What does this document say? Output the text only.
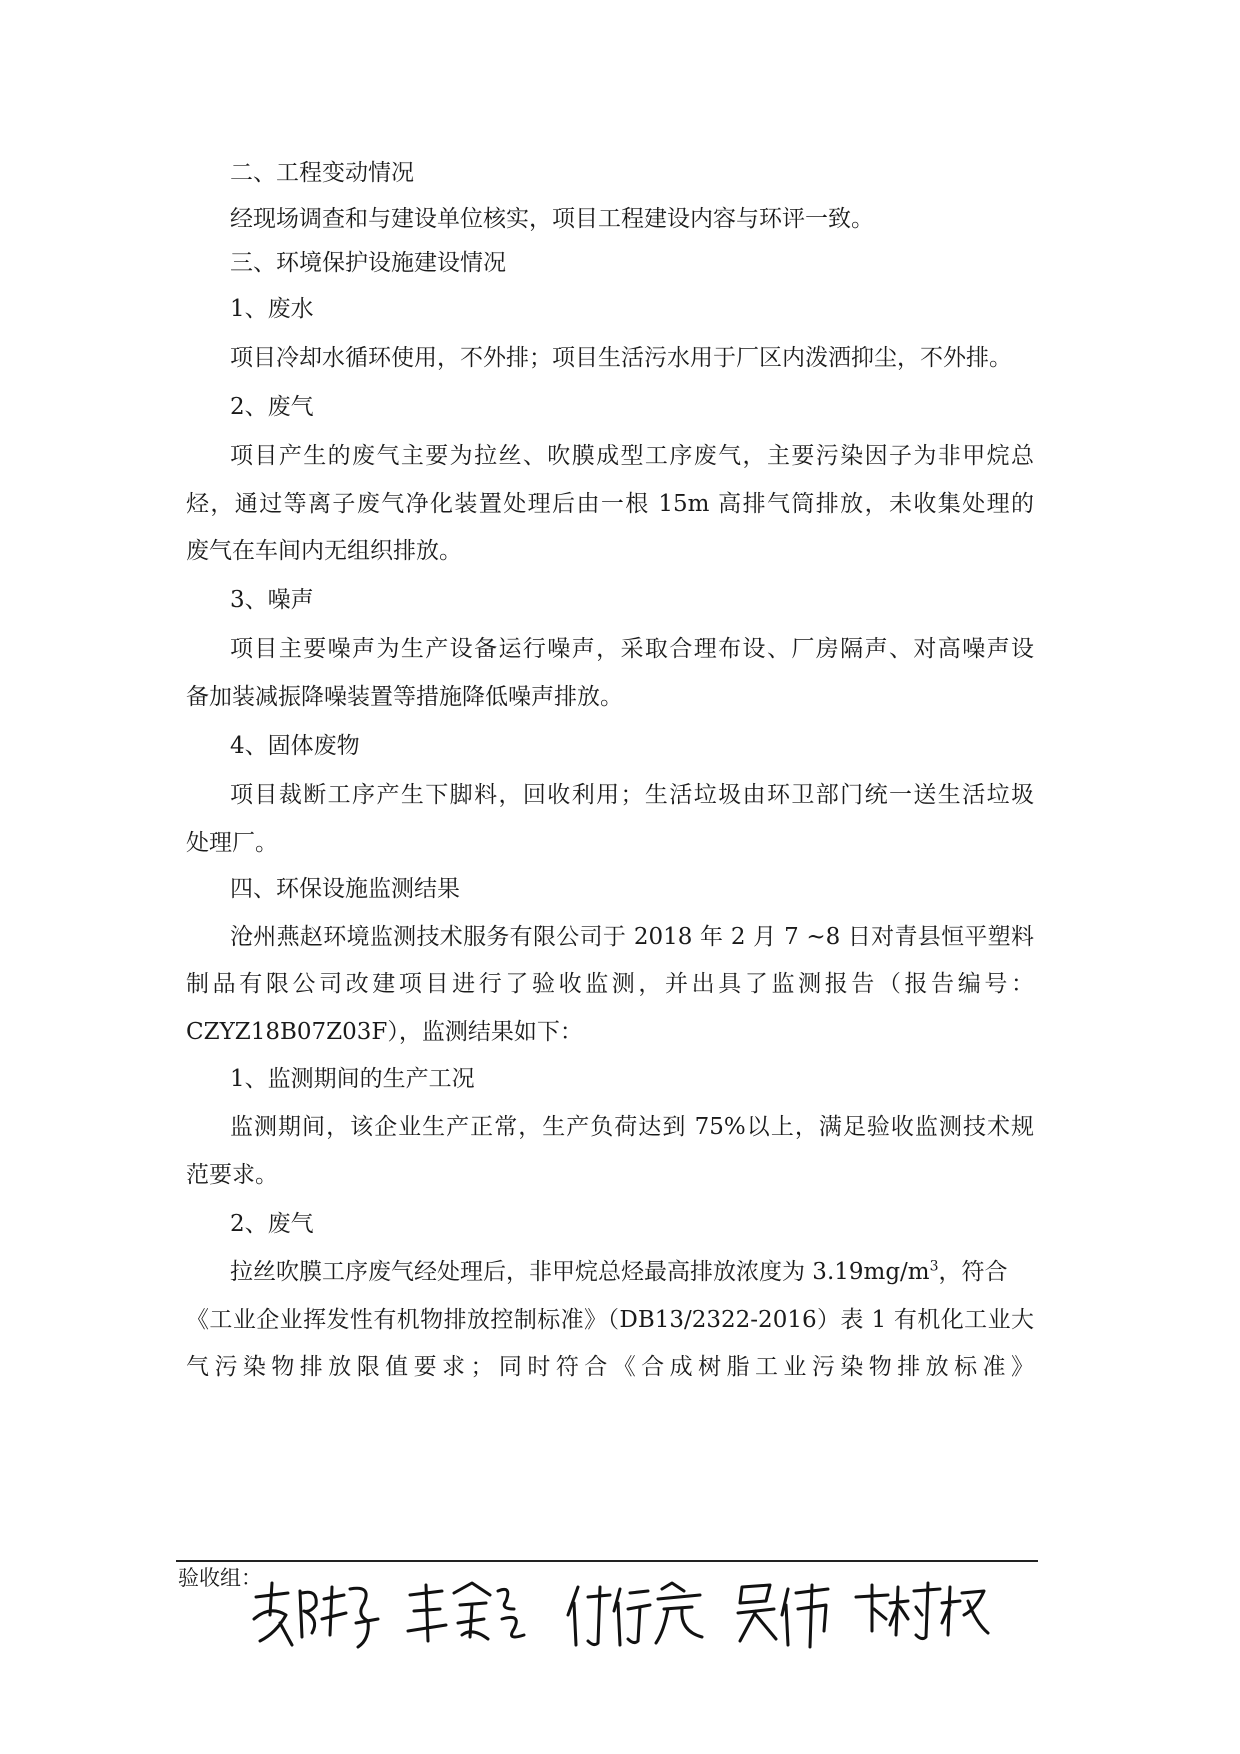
二、工程变动情况
经现场调查和与建设单位核实，项目工程建设内容与环评一致。
三、环境保护设施建设情况
1、废水
项目冷却水循环使用，不外排；项目生活污水用于厂区内泼洒抑尘，不外排。
2、废气
项目产生的废气主要为拉丝、吹膜成型工序废气，主要污染因子为非甲烷总
烃，通过等离子废气净化装置处理后由一根 15m 高排气筒排放，未收集处理的
废气在车间内无组织排放。
3、噪声
项目主要噪声为生产设备运行噪声，采取合理布设、厂房隔声、对高噪声设
备加装减振降噪装置等措施降低噪声排放。
4、固体废物
项目裁断工序产生下脚料，回收利用；生活垃圾由环卫部门统一送生活垃圾
处理厂。
四、环保设施监测结果
沧州燕赵环境监测技术服务有限公司于 2018 年 2 月 7 ~8 日对青县恒平塑料
制品有限公司改建项目进行了验收监测，并出具了监测报告（报告编号：
CZYZ18B07Z03F），监测结果如下：
1、监测期间的生产工况
监测期间，该企业生产正常，生产负荷达到 75%以上，满足验收监测技术规
范要求。
2、废气
拉丝吹膜工序废气经处理后，非甲烷总烃最高排放浓度为 $3.19mg/m^3$，符合
《工业企业挥发性有机物排放控制标准》（DB13/2322-2016）表 1 有机化工业大
气污染物排放限值要求；同时符合《合成树脂工业污染物排放标准》
验收组：
